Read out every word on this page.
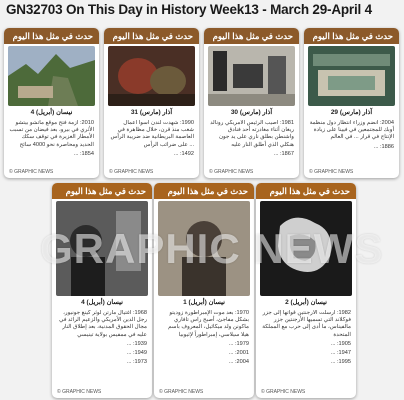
GN32703 On This Day in History Week13 - March 29-April 4
حدث في مثل هذا اليوم
4 نيسان (أبريل)

2010: أزمة فتح موقع ماتشو بيتشو الأثري في بيرو، بعد فيضان من تسبب الأمطار الغزيرة في توقف سكك الحديد ومحاصرة نحو 4000 سائح

1854: ...

© GRAPHIC NEWS
حدث في مثل هذا اليوم
31 آذار (مارس)

1990: شهدت لندن أسوأ أعمال شغب منذ قرن، خلال مظاهرة في العاصمة البريطانية ضد ضريبة الرأس ... على ضرائب الرأس

1492: ...

© GRAPHIC NEWS
حدث في مثل هذا اليوم
30 آذار (مارس)

1981: أصيب الرئيس الأمريكي رونالد ريغان أثناء مغادرته أحد فنادق واشنطن بطلق ناري على يد جون هنكلي الذي أطلق النار عليه

1867: ...

© GRAPHIC NEWS
حدث في مثل هذا اليوم
29 آذار (مارس)

2004: انضم وزراء انتظار دول منظمة أوبك للمجتمعين في فيينا على زيادة الإنتاج في قرار ... في العالم

1886: ...

© GRAPHIC NEWS
حدث في مثل هذا اليوم
4 نيسان (أبريل)

1968: اغتيال مارتن لوثر كينغ جونيور، رجل الدين الأمريكي والزعيم الرائد في مجال الحقوق المدنية، بعد إطلاق النار عليه في ممفيس بولاية تينيسي

1939: ...

1949: ...

1973: ...

© GRAPHIC NEWS
حدث في مثل هذا اليوم
1 نيسان (أبريل)

1970: بعد موت الإمبراطورة زوديتو بشكل مفاجئ، أصبح راس تافاري ماكونن ولد ميكائيل، المعروف باسم هيلا سيلاسي، إمبراطوراً لإثيوبيا

1979: ...

2001: ...

2004: ...

© GRAPHIC NEWS
حدث في مثل هذا اليوم
2 نيسان (أبريل)

1982: أرسلت الأرجنتين قواتها إلى جزر فوكلاند التي تسميها الأرجنتين جزر مالفيناس، ما أدى إلى حرب مع المملكة المتحدة

1905: ...

1947: ...

1995: ...

© GRAPHIC NEWS
GRAPHIC NEWS
